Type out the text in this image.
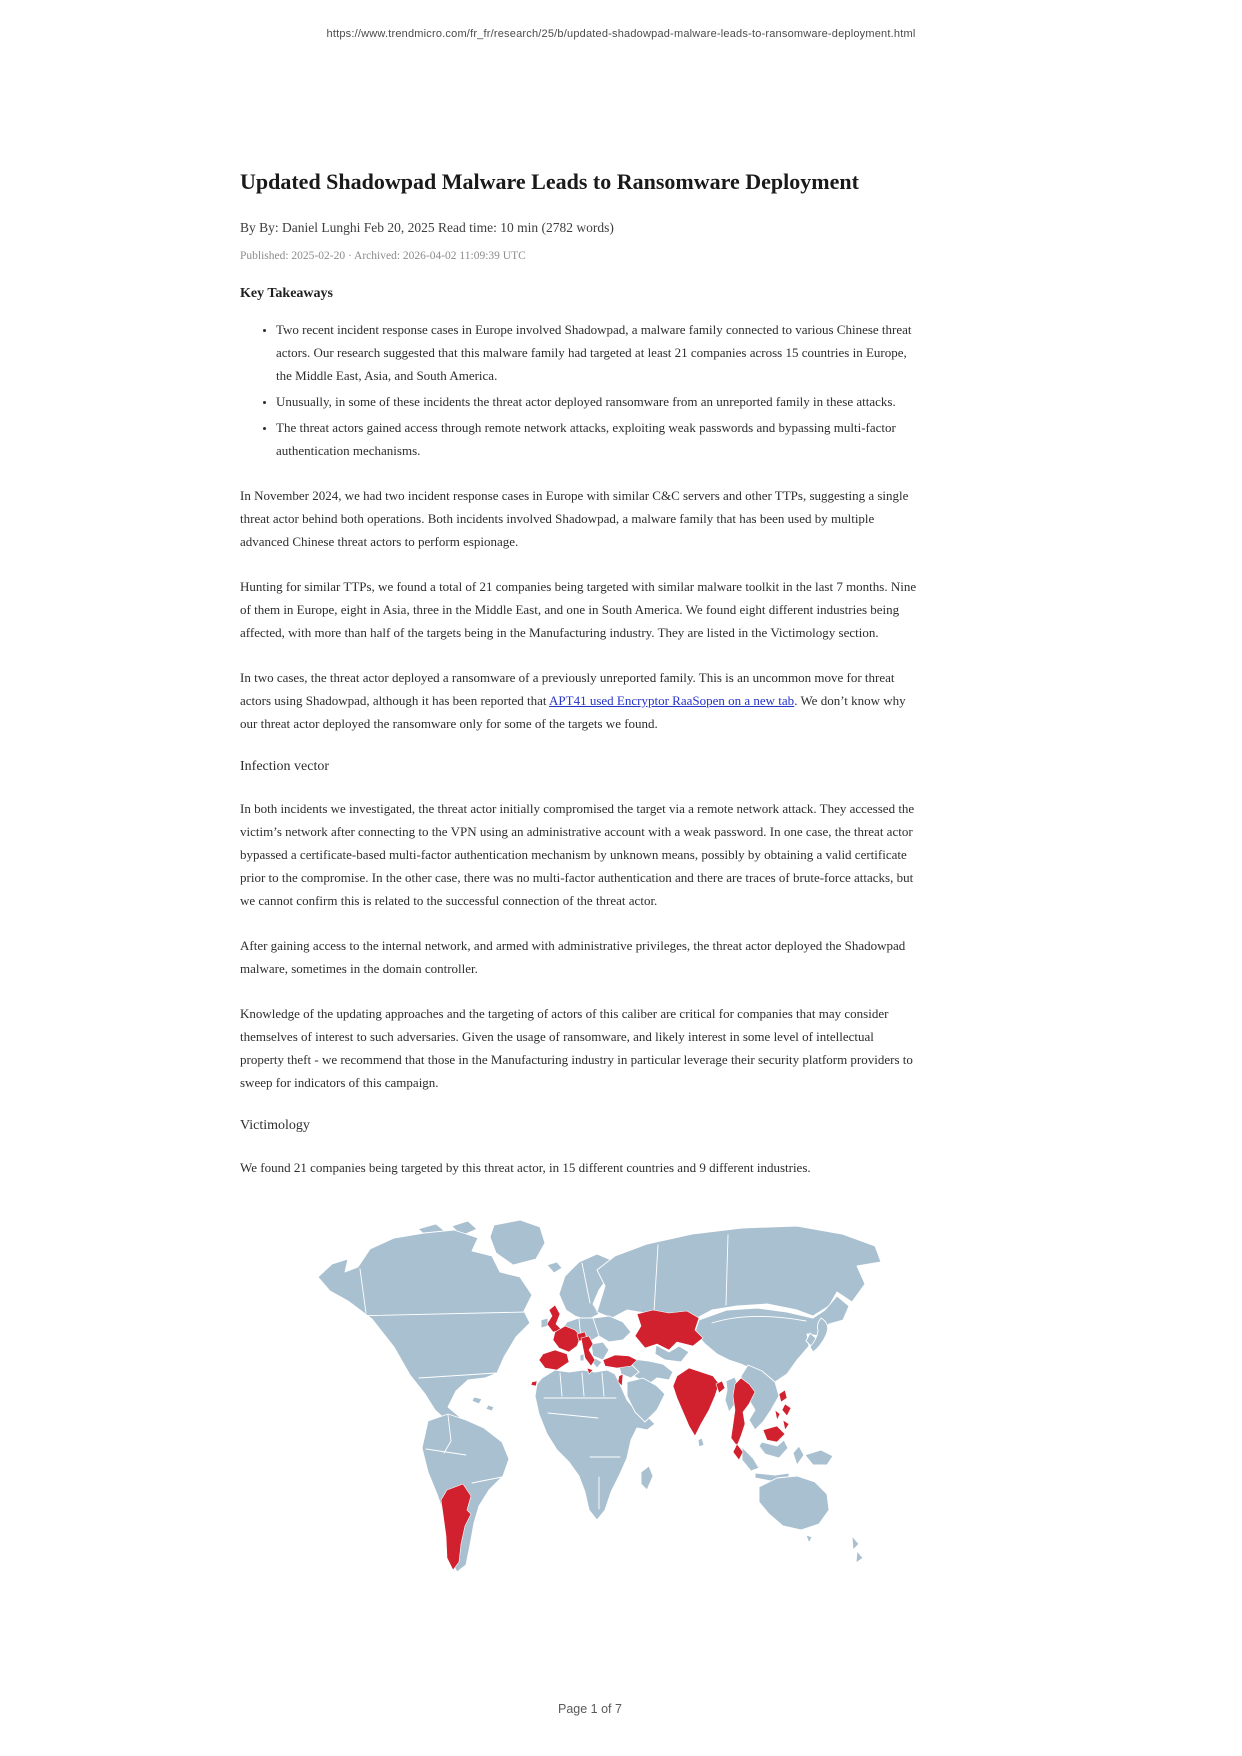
https://www.trendmicro.com/fr_fr/research/25/b/updated-shadowpad-malware-leads-to-ransomware-deployment.html
Updated Shadowpad Malware Leads to Ransomware Deployment
By By: Daniel Lunghi Feb 20, 2025 Read time: 10 min (2782 words)
Published: 2025-02-20 · Archived: 2026-04-02 11:09:39 UTC
Key Takeaways
• Two recent incident response cases in Europe involved Shadowpad, a malware family connected to various Chinese threat actors. Our research suggested that this malware family had targeted at least 21 companies across 15 countries in Europe, the Middle East, Asia, and South America.
• Unusually, in some of these incidents the threat actor deployed ransomware from an unreported family in these attacks.
• The threat actors gained access through remote network attacks, exploiting weak passwords and bypassing multi-factor authentication mechanisms.

In November 2024, we had two incident response cases in Europe with similar C&C servers and other TTPs, suggesting a single threat actor behind both operations. Both incidents involved Shadowpad, a malware family that has been used by multiple advanced Chinese threat actors to perform espionage.

Hunting for similar TTPs, we found a total of 21 companies being targeted with similar malware toolkit in the last 7 months. Nine of them in Europe, eight in Asia, three in the Middle East, and one in South America. We found eight different industries being affected, with more than half of the targets being in the Manufacturing industry. They are listed in the Victimology section.

In two cases, the threat actor deployed a ransomware of a previously unreported family. This is an uncommon move for threat actors using Shadowpad, although it has been reported that APT41 used Encryptor RaaSopen on a new tab. We don’t know why our threat actor deployed the ransomware only for some of the targets we found.

Infection vector

In both incidents we investigated, the threat actor initially compromised the target via a remote network attack. They accessed the victim’s network after connecting to the VPN using an administrative account with a weak password. In one case, the threat actor bypassed a certificate-based multi-factor authentication mechanism by unknown means, possibly by obtaining a valid certificate prior to the compromise. In the other case, there was no multi-factor authentication and there are traces of brute-force attacks, but we cannot confirm this is related to the successful connection of the threat actor.

After gaining access to the internal network, and armed with administrative privileges, the threat actor deployed the Shadowpad malware, sometimes in the domain controller.

Knowledge of the updating approaches and the targeting of actors of this caliber are critical for companies that may consider themselves of interest to such adversaries. Given the usage of ransomware, and likely interest in some level of intellectual property theft - we recommend that those in the Manufacturing industry in particular leverage their security platform providers to sweep for indicators of this campaign.

Victimology

We found 21 companies being targeted by this threat actor, in 15 different countries and 9 different industries.

Page 1 of 7
